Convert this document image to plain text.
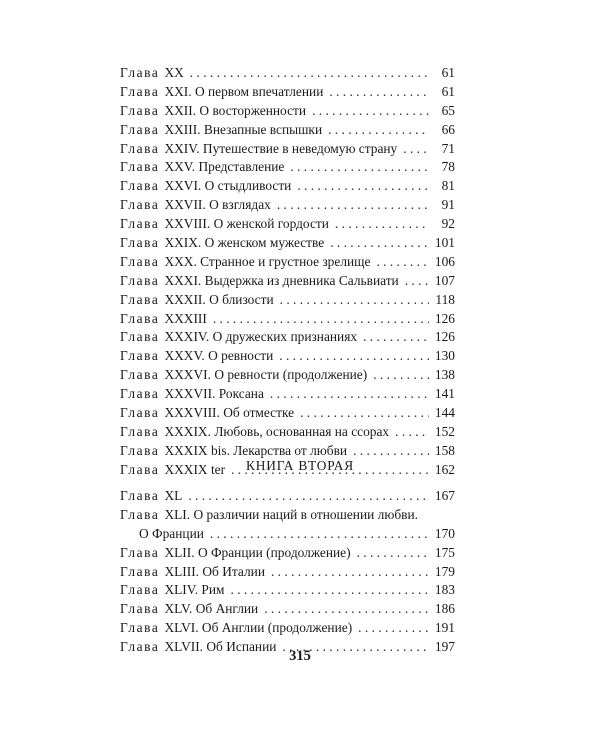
Глава XX . . .	61
Глава XXI. О первом впечатлении . . .	61
Глава XXII. О восторженности . . .	65
Глава XXIII. Внезапные вспышки . . .	66
Глава XXIV. Путешествие в неведомую страну . . .	71
Глава XXV. Представление . . .	78
Глава XXVI. О стыдливости . . .	81
Глава XXVII. О взглядах . . .	91
Глава XXVIII. О женской гордости . . .	92
Глава XXIX. О женском мужестве . . .	101
Глава XXX. Странное и грустное зрелище . . .	106
Глава XXXI. Выдержка из дневника Сальвиати . . .	107
Глава XXXII. О близости . . .	118
Глава XXXIII . . .	126
Глава XXXIV. О дружеских признаниях . . .	126
Глава XXXV. О ревности . . .	130
Глава XXXVI. О ревности (продолжение) . . .	138
Глава XXXVII. Роксана . . .	141
Глава XXXVIII. Об отместке . . .	144
Глава XXXIX. Любовь, основанная на ссорах . . .	152
Глава XXXIX bis. Лекарства от любви . . .	158
Глава XXXIX ter . . .	162
КНИГА ВТОРАЯ
Глава XL . . .	167
Глава XLI. О различии наций в отношении любви.
О Франции . . .	170
Глава XLII. О Франции (продолжение) . . .	175
Глава XLIII. Об Италии . . .	179
Глава XLIV. Рим . . .	183
Глава XLV. Об Англии . . .	186
Глава XLVI. Об Англии (продолжение) . . .	191
Глава XLVII. Об Испании . . .	197
315
